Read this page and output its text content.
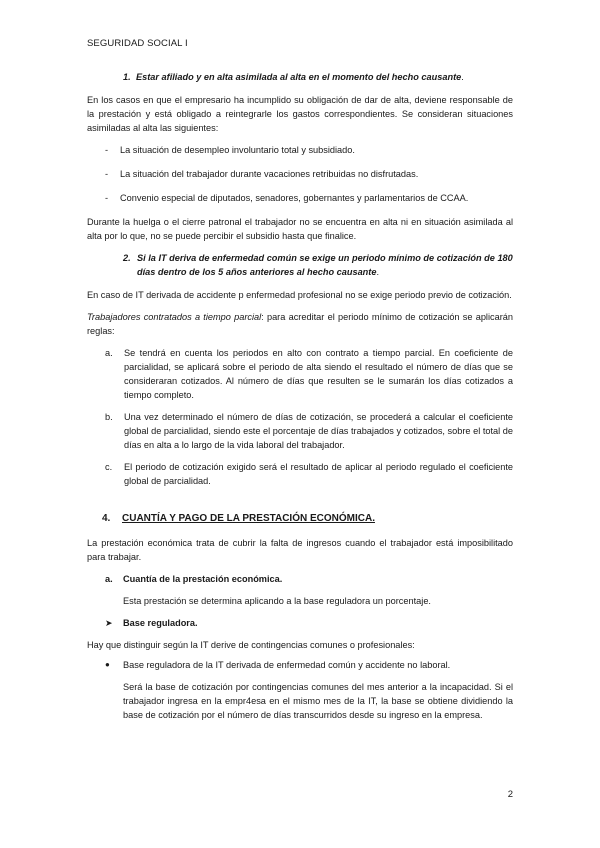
SEGURIDAD SOCIAL I
1. Estar afiliado y en alta asimilada al alta en el momento del hecho causante.

En los casos en que el empresario ha incumplido su obligación de dar de alta, deviene responsable de la prestación y está obligado a reintegrarle los gastos correspondientes. Se consideran situaciones asimiladas al alta las siguientes:

-	La situación de desempleo involuntario total y subsidiado.
-	La situación del trabajador durante vacaciones retribuidas no disfrutadas.
-	Convenio especial de diputados, senadores, gobernantes y parlamentarios de CCAA.

Durante la huelga o el cierre patronal el trabajador no se encuentra en alta ni en situación asimilada al alta por lo que, no se puede percibir el subsidio hasta que finalice.

2. Si la IT deriva de enfermedad común se exige un periodo mínimo de cotización de 180 días dentro de los 5 años anteriores al hecho causante.

En caso de IT derivada de accidente p enfermedad profesional no se exige periodo previo de cotización.

Trabajadores contratados a tiempo parcial: para acreditar el periodo mínimo de cotización se aplicarán reglas:

a.	Se tendrá en cuenta los periodos en alto con contrato a tiempo parcial. En coeficiente de parcialidad, se aplicará sobre el periodo de alta siendo el resultado el número de días que se consideraran cotizados. Al número de días que resulten se le sumarán los días cotizados a tiempo completo.
b.	Una vez determinado el número de días de cotización, se procederá a calcular el coeficiente global de parcialidad, siendo este el porcentaje de días trabajados y cotizados, sobre el total de días en alta a lo largo de la vida laboral del trabajador.
c.	El periodo de cotización exigido será el resultado de aplicar al periodo regulado el coeficiente global de parcialidad.
4.	CUANTÍA Y PAGO DE LA PRESTACIÓN ECONÓMICA.

La prestación económica trata de cubrir la falta de ingresos cuando el trabajador está imposibilitado para trabajar.

a.	Cuantía de la prestación económica.
Esta prestación se determina aplicando a la base reguladora un porcentaje.
➤	Base reguladora.

Hay que distinguir según la IT derive de contingencias comunes o profesionales:

●	Base reguladora de la IT derivada de enfermedad común y accidente no laboral.
Será la base de cotización por contingencias comunes del mes anterior a la incapacidad. Si el trabajador ingresa en la empr4esa en el mismo mes de la IT, la base se obtiene dividiendo la base de cotización por el número de días transcurridos desde su ingreso en la empresa.
2
